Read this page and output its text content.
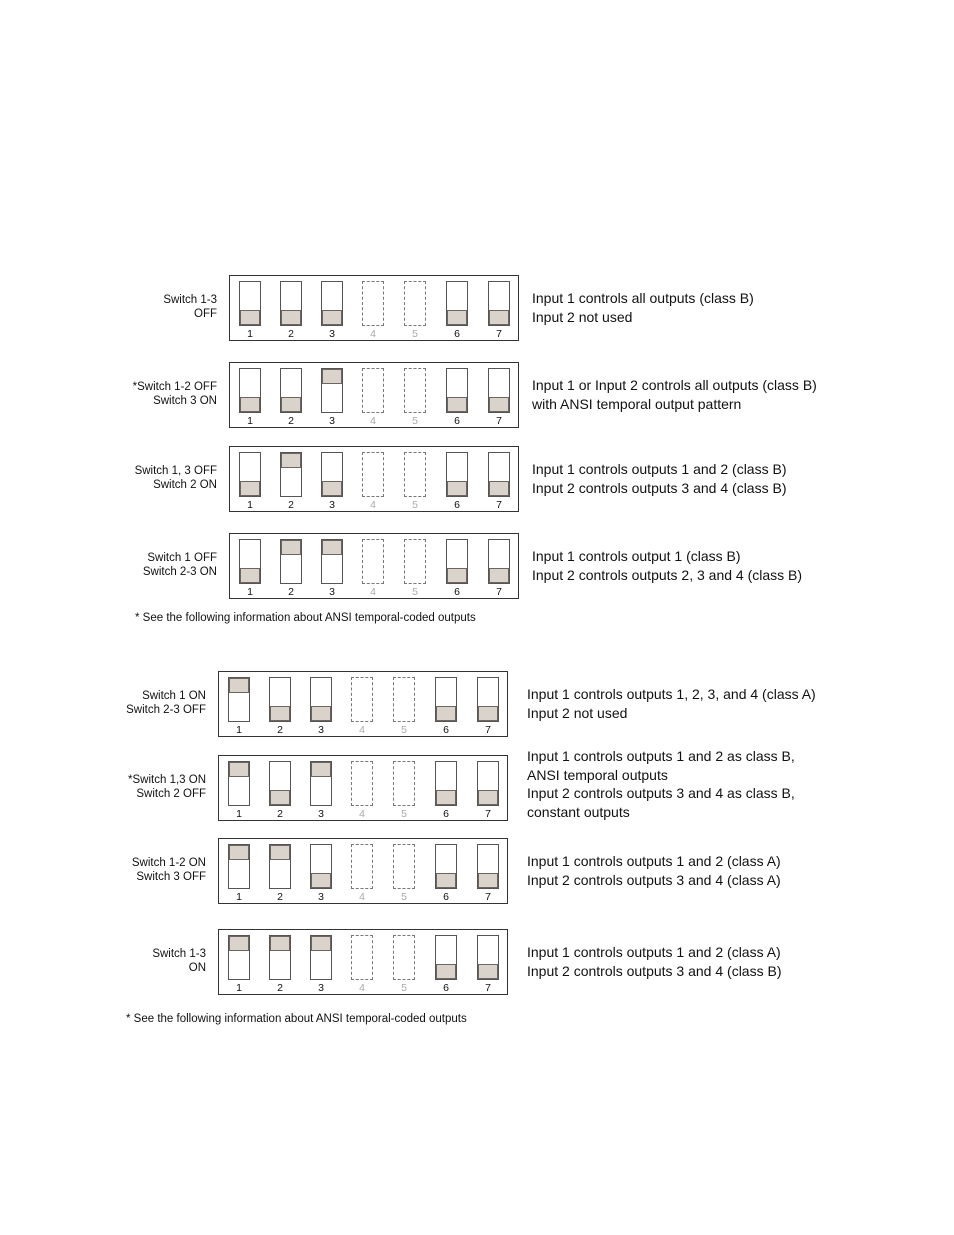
Switch 1-3
OFF
1	2	3	4	5	6	7
Input 1 controls all outputs (class B)
Input 2 not used
*Switch 1-2 OFF
Switch 3 ON
1	2	3	4	5	6	7
Input 1 or Input 2 controls all outputs (class B)
with ANSI temporal output pattern
Switch 1, 3 OFF
Switch 2 ON
1	2	3	4	5	6	7
Input 1 controls outputs 1 and 2 (class B)
Input 2 controls outputs 3 and 4 (class B)
Switch 1 OFF
Switch 2-3 ON
1	2	3	4	5	6	7
Input 1 controls output 1 (class B)
Input 2 controls outputs 2, 3 and 4 (class B)
* See the following information about ANSI temporal-coded outputs
Switch 1 ON
Switch 2-3 OFF
1	2	3	4	5	6	7
Input 1 controls outputs 1, 2, 3, and 4 (class A)
Input 2 not used
*Switch 1,3 ON
Switch 2 OFF
1	2	3	4	5	6	7
Input 1 controls outputs 1 and 2 as class B,
ANSI temporal outputs
Input 2 controls outputs 3 and 4 as class B,
constant outputs
Switch 1-2 ON
Switch 3 OFF
1	2	3	4	5	6	7
Input 1 controls outputs 1 and 2 (class A)
Input 2 controls outputs 3 and 4 (class A)
Switch 1-3
ON
1	2	3	4	5	6	7
Input 1 controls outputs 1 and 2 (class A)
Input 2 controls outputs 3 and 4 (class B)
* See the following information about ANSI temporal-coded outputs
